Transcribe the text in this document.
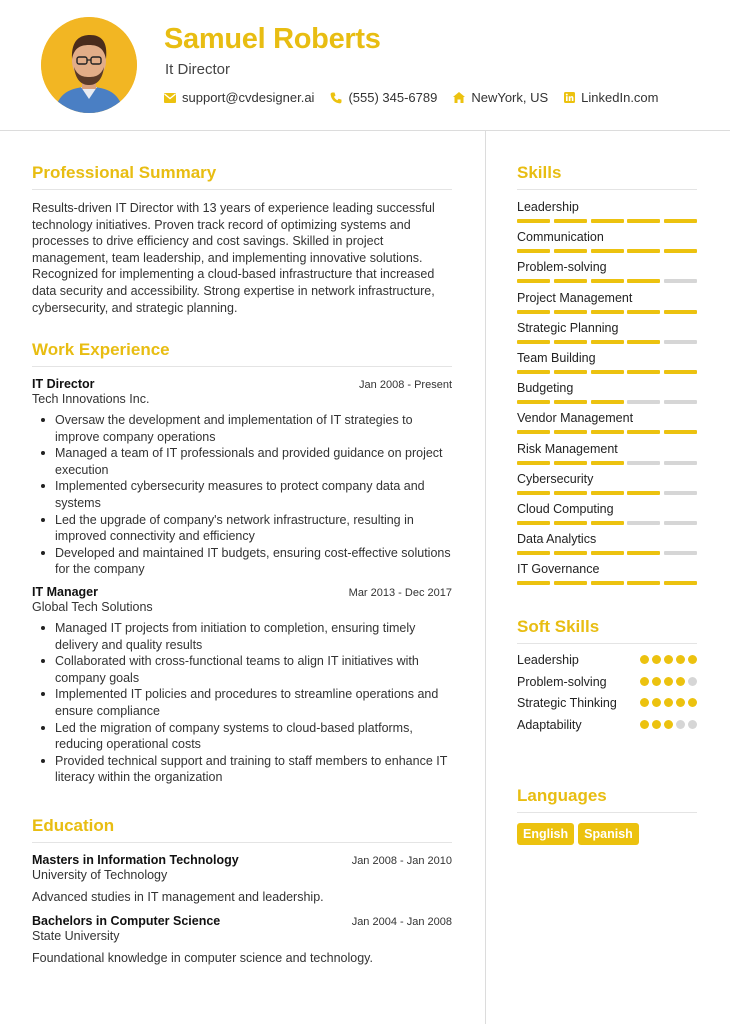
Samuel Roberts
It Director
support@cvdesigner.ai	(555) 345-6789	NewYork, US	LinkedIn.com
Professional Summary

Results-driven IT Director with 13 years of experience leading successful technology initiatives. Proven track record of optimizing systems and processes to drive efficiency and cost savings. Skilled in project management, team leadership, and implementing innovative solutions. Recognized for implementing a cloud-based infrastructure that increased data security and accessibility. Strong expertise in network infrastructure, cybersecurity, and strategic planning.

Work Experience
IT Director	Jan 2008 - Present
Tech Innovations Inc.
Oversaw the development and implementation of IT strategies to improve company operations
Managed a team of IT professionals and provided guidance on project execution
Implemented cybersecurity measures to protect company data and systems
Led the upgrade of company's network infrastructure, resulting in improved connectivity and efficiency
Developed and maintained IT budgets, ensuring cost-effective solutions for the company
IT Manager	Mar 2013 - Dec 2017
Global Tech Solutions
Managed IT projects from initiation to completion, ensuring timely delivery and quality results
Collaborated with cross-functional teams to align IT initiatives with company goals
Implemented IT policies and procedures to streamline operations and ensure compliance
Led the migration of company systems to cloud-based platforms, reducing operational costs
Provided technical support and training to staff members to enhance IT literacy within the organization
Education
Masters in Information Technology	Jan 2008 - Jan 2010
University of Technology
Advanced studies in IT management and leadership.
Bachelors in Computer Science	Jan 2004 - Jan 2008
State University
Foundational knowledge in computer science and technology.
Skills
Leadership
Communication
Problem-solving
Project Management
Strategic Planning
Team Building
Budgeting
Vendor Management
Risk Management
Cybersecurity
Cloud Computing
Data Analytics
IT Governance
Soft Skills
Leadership
Problem-solving
Strategic Thinking
Adaptability
Languages
English	Spanish
